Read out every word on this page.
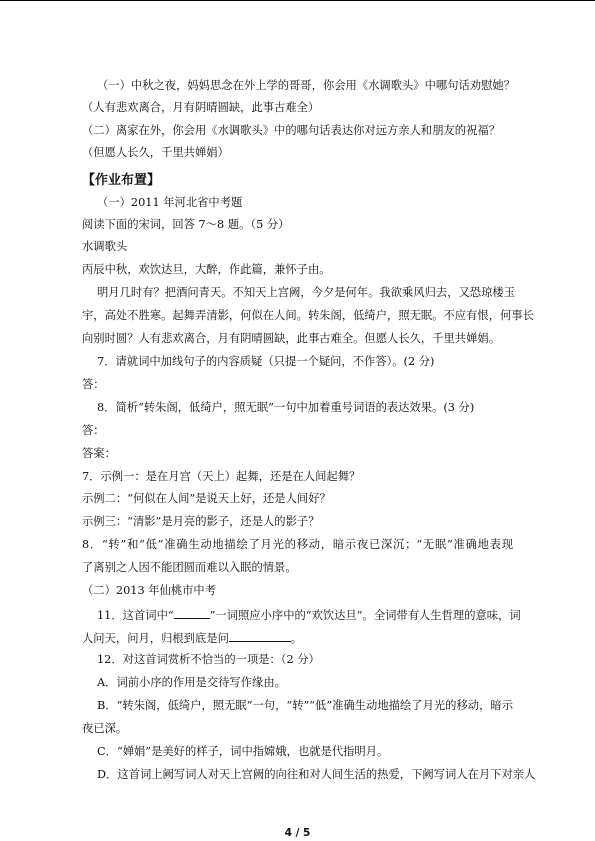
（一）中秋之夜，妈妈思念在外上学的哥哥，你会用《水调歌头》中哪句话劝慰她？
（人有悲欢离合，月有阴晴圆缺，此事古难全）
（二）离家在外，你会用《水调歌头》中的哪句话表达你对远方亲人和朋友的祝福？
（但愿人长久，千里共婵娟）
【作业布置】
（一）2011 年河北省中考题
阅读下面的宋词，回答 7～8 题。（5 分）
水调歌头
丙辰中秋，欢饮达旦，大醉，作此篇，兼怀子由。
明月几时有？把酒问青天。不知天上宫阙，今夕是何年。我欲乘风归去，又恐琼楼玉
宇，高处不胜寒。起舞弄清影，何似在人间。转朱阁，低绮户，照无眠。不应有恨，何事长
向别时圆？人有悲欢离合，月有阴晴圆缺，此事古难全。但愿人长久，千里共婵娟。
7．请就词中加线句子的内容质疑（只提一个疑问，不作答）。(2 分)
答：
8．简析“转朱阁，低绮户，照无眠”一句中加着重号词语的表达效果。(3 分)
答：
答案：
7．示例一：是在月宫（天上）起舞，还是在人间起舞？
示例二：“何似在人间”是说天上好，还是人间好？
示例三：“清影”是月亮的影子，还是人的影子？
8．“转”和“低”准确生动地描绘了月光的移动，暗示夜已深沉；“无眠”准确地表现
了离别之人因不能团圆而难以入眠的情景。
（二）2013 年仙桃市中考
11．这首词中“	”一词照应小序中的“欢饮达旦”。全词带有人生哲理的意味，词
人问天，问月，归根到底是问	。
12．对这首词赏析不恰当的一项是：（2 分）
A．词前小序的作用是交待写作缘由。
B．“转朱阁，低绮户，照无眠”一句，“转”“低”准确生动地描绘了月光的移动，暗示
夜已深。
C．“婵娟”是美好的样子，词中指嫦娥，也就是代指明月。
D．这首词上阙写词人对天上宫阙的向往和对人间生活的热爱，下阙写词人在月下对亲人
4 / 5
